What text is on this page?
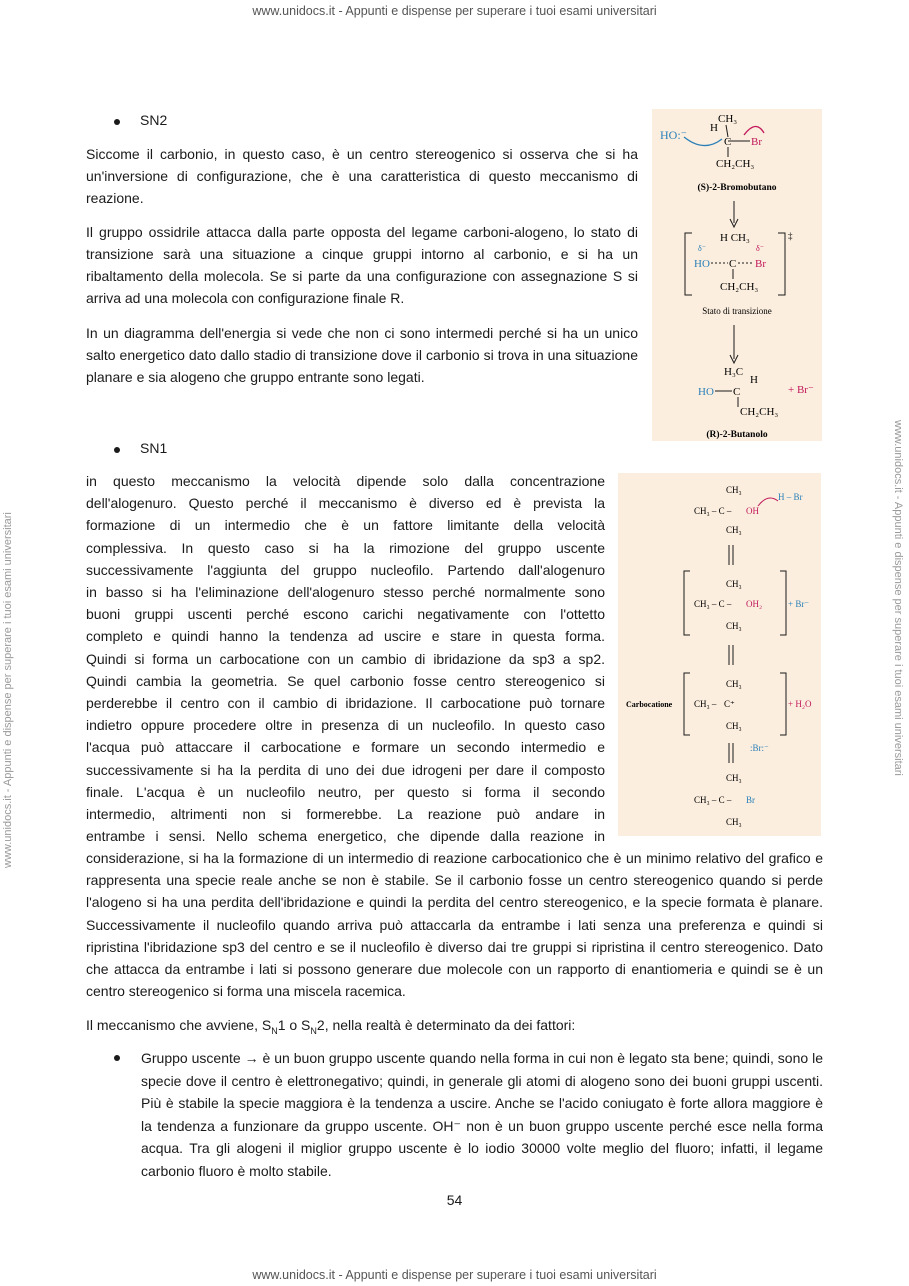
www.unidocs.it - Appunti e dispense per superare i tuoi esami universitari
www.unidocs.it - Appunti e dispense per superare i tuoi esami universitari
www.unidocs.it - Appunti e dispense per superare i tuoi esami universitari	www.unidocs.it - Appunti e dispense per superare i tuoi esami universitari
SN2
Siccome il carbonio, in questo caso, è un centro stereogenico si osserva che si ha un'inversione di configurazione, che è una caratteristica di questo meccanismo di reazione.
Il gruppo ossidrile attacca dalla parte opposta del legame carboni-alogeno, lo stato di transizione sarà una situazione a cinque gruppi intorno al carbonio, e si ha un ribaltamento della molecola. Se si parte da una configurazione con assegnazione S si arriva ad una molecola con configurazione finale R.
In un diagramma dell'energia si vede che non ci sono intermedi perché si ha un unico salto energetico dato dallo stadio di transizione dove il carbonio si trova in una situazione planare e sia alogeno che gruppo entrante sono legati.
HO:⁻ H
CH₃
C Br
CH₂CH₃
(S)-2-Bromobutano
‡
H CH₃
δ⁻	δ⁻
HO C Br
CH₂CH₃
Stato di transizione
H₃C
H
HO C
CH₂CH₃
+ Br⁻
(R)-2-Butanolo
SN1
in questo meccanismo la velocità dipende solo dalla concentrazione
dell'alogenuro. Questo perché il meccanismo è diverso ed è prevista la
formazione di un intermedio che è un fattore limitante della velocità
complessiva. In questo caso si ha la rimozione del gruppo uscente
successivamente l'aggiunta del gruppo nucleofilo. Partendo dall'alogenuro
in basso si ha l'eliminazione dell'alogenuro stesso perché normalmente sono
buoni gruppi uscenti perché escono carichi negativamente con l'ottetto
completo e quindi hanno la tendenza ad uscire e stare in questa forma.
Quindi si forma un carbocatione con un cambio di ibridazione da sp3 a sp2.
Quindi cambia la geometria. Se quel carbonio fosse centro stereogenico si
perderebbe il centro con il cambio di ibridazione. Il carbocatione può tornare
indietro oppure procedere oltre in presenza di un nucleofilo. In questo caso
l'acqua può attaccare il carbocatione e formare un secondo intermedio e
successivamente si ha la perdita di uno dei due idrogeni per dare il composto
finale. L'acqua è un nucleofilo neutro, per questo si forma il secondo
intermedio, altrimenti non si formerebbe. La reazione può andare in
entrambe i sensi. Nello schema energetico, che dipende dalla reazione in
CH₃
CH₃ – C – OH
H – Br
CH₃
CH₃
CH₃ – C – OH₂	+ Br⁻
CH₃
Carbocatione
CH₃
CH₃ – C⁺	+ H₂O
CH₃
:Br:⁻
CH₃
CH₃ – C – Br
CH₃
considerazione, si ha la formazione di un intermedio di reazione carbocationico che è un minimo relativo del grafico e rappresenta una specie reale anche se non è stabile. Se il carbonio fosse un centro stereogenico quando si perde l'alogeno si ha una perdita dell'ibridazione e quindi la perdita del centro stereogenico, e la specie formata è planare. Successivamente il nucleofilo quando arriva può attaccarla da entrambe i lati senza una preferenza e quindi si ripristina l'ibridazione sp3 del centro e se il nucleofilo è diverso dai tre gruppi si ripristina il centro stereogenico. Dato che attacca da entrambe i lati si possono generare due molecole con un rapporto di enantiomeria e quindi se è un centro stereogenico si forma una miscela racemica.
Il meccanismo che avviene, $S_N1$ o $S_N2$, nella realtà è determinato da dei fattori:
Gruppo uscente → è un buon gruppo uscente quando nella forma in cui non è legato sta bene; quindi, sono le specie dove il centro è elettronegativo; quindi, in generale gli atomi di alogeno sono dei buoni gruppi uscenti. Più è stabile la specie maggiora è la tendenza a uscire. Anche se l'acido coniugato è forte allora maggiore è la tendenza a funzionare da gruppo uscente. OH⁻ non è un buon gruppo uscente perché esce nella forma acqua. Tra gli alogeni il miglior gruppo uscente è lo iodio 30000 volte meglio del fluoro; infatti, il legame carbonio fluoro è molto stabile.
54
